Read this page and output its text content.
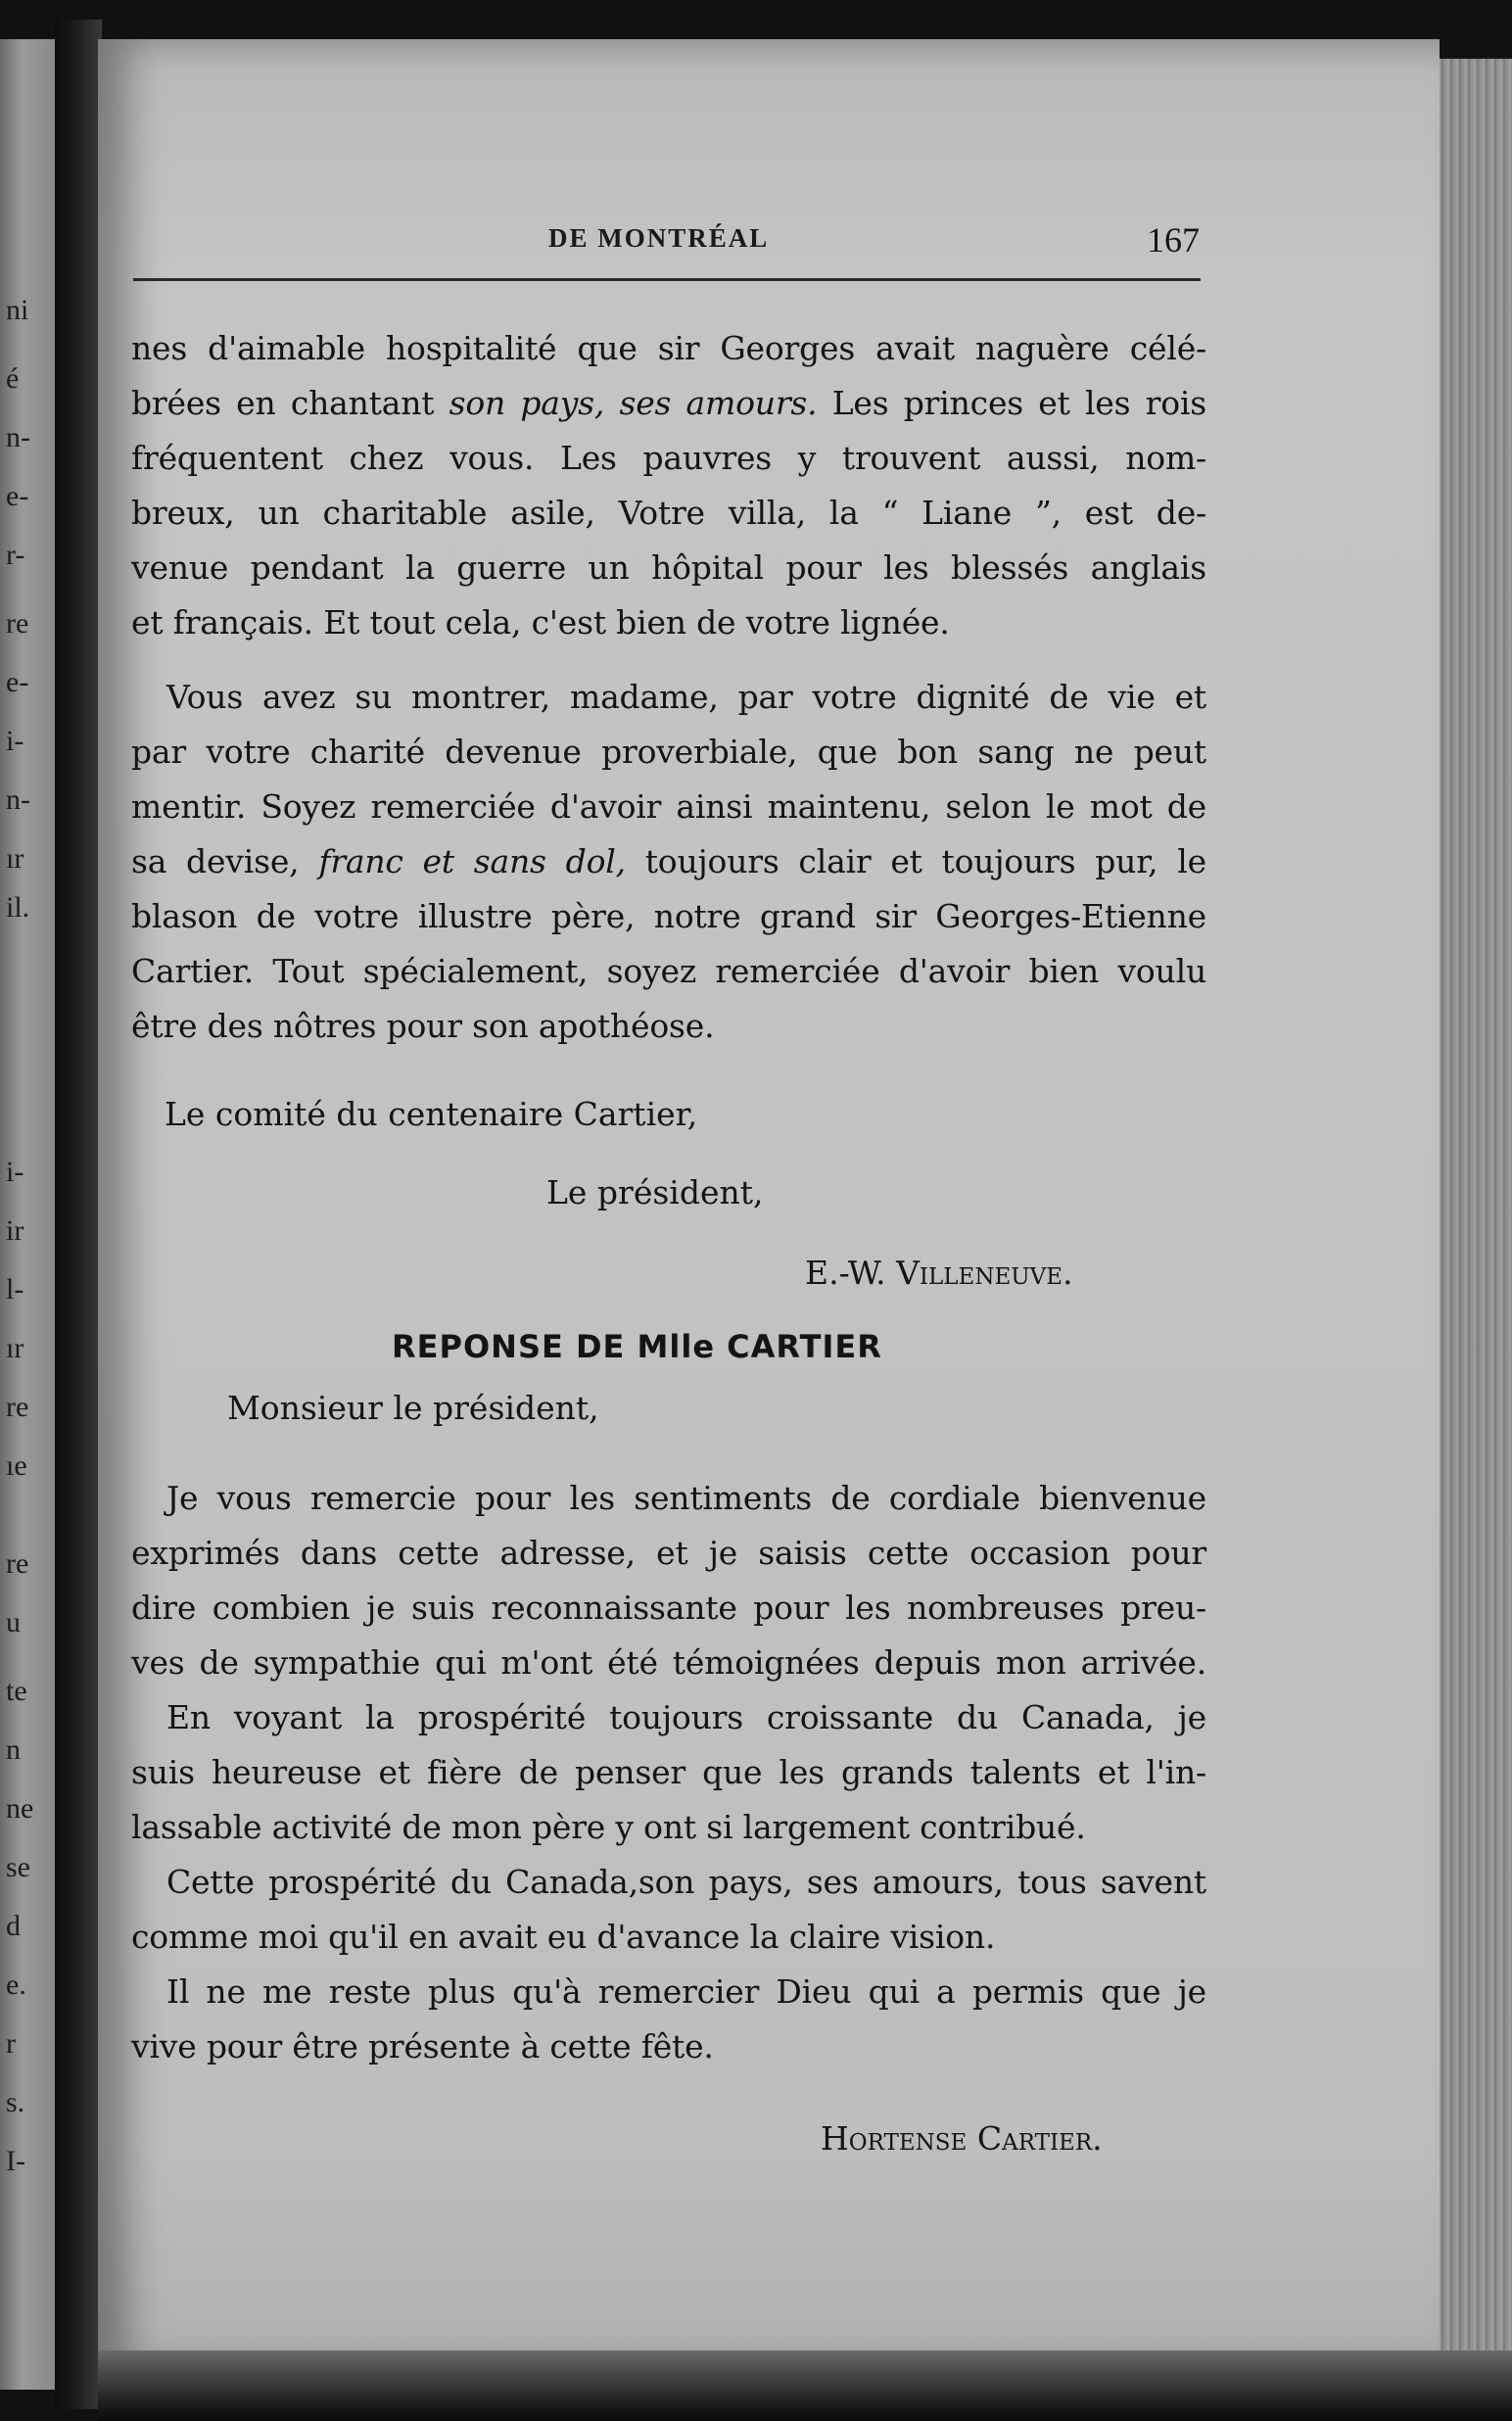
ni
é
n-
e-
r-
re
e-
i-
n-
ır
il.
i-
ir
l-
ır
re
ıe
re
u
te
n
ne
se
d
e.
r
s.
I-
DE MONTRÉAL	167
nes d'aimable hospitalité que sir Georges avait naguère célé-
brées en chantant son pays, ses amours. Les princes et les rois
fréquentent chez vous. Les pauvres y trouvent aussi, nom-
breux, un charitable asile, Votre villa, la “ Liane ”, est de-
venue pendant la guerre un hôpital pour les blessés anglais
et français. Et tout cela, c'est bien de votre lignée.
Vous avez su montrer, madame, par votre dignité de vie et
par votre charité devenue proverbiale, que bon sang ne peut
mentir. Soyez remerciée d'avoir ainsi maintenu, selon le mot de
sa devise, franc et sans dol, toujours clair et toujours pur, le
blason de votre illustre père, notre grand sir Georges-Etienne
Cartier. Tout spécialement, soyez remerciée d'avoir bien voulu
être des nôtres pour son apothéose.
Le comité du centenaire Cartier,
Le président,
E.-W. Villeneuve.
REPONSE DE Mlle CARTIER
Monsieur le président,
Je vous remercie pour les sentiments de cordiale bienvenue
exprimés dans cette adresse, et je saisis cette occasion pour
dire combien je suis reconnaissante pour les nombreuses preu-
ves de sympathie qui m'ont été témoignées depuis mon arrivée.
En voyant la prospérité toujours croissante du Canada, je
suis heureuse et fière de penser que les grands talents et l'in-
lassable activité de mon père y ont si largement contribué.
Cette prospérité du Canada,son pays, ses amours, tous savent
comme moi qu'il en avait eu d'avance la claire vision.
Il ne me reste plus qu'à remercier Dieu qui a permis que je
vive pour être présente à cette fête.
Hortense Cartier.
